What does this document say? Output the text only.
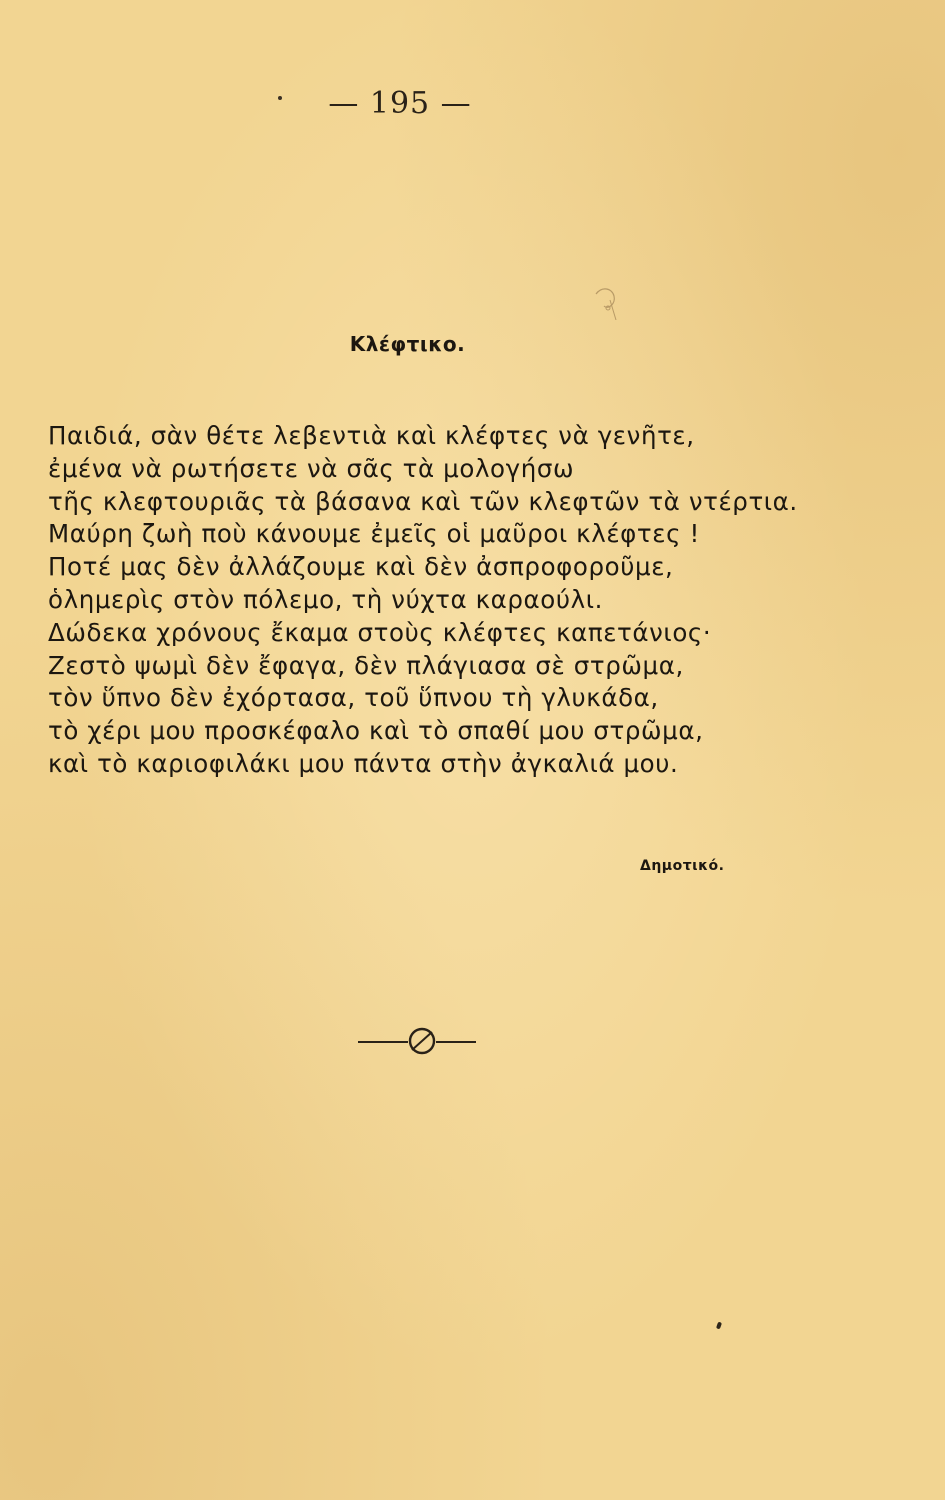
— 195 —
Κλέφτικο.
Παιδιά, σὰν θέτε λεβεντιὰ καὶ κλέφτες νὰ γενῆτε,
ἐμένα νὰ ρωτήσετε νὰ σᾶς τὰ μολογήσω
τῆς κλεφτουριᾶς τὰ βάσανα καὶ τῶν κλεφτῶν τὰ ντέρτια.
Μαύρη ζωὴ ποὺ κάνουμε ἐμεῖς οἱ μαῦροι κλέφτες !
Ποτέ μας δὲν ἀλλάζουμε καὶ δὲν ἀσπροφοροῦμε,
ὁλημερὶς στὸν πόλεμο, τὴ νύχτα καραούλι.
Δώδεκα χρόνους ἔκαμα στοὺς κλέφτες καπετάνιος·
Ζεστὸ ψωμὶ δὲν ἔφαγα, δὲν πλάγιασα σὲ στρῶμα,
τὸν ὕπνο δὲν ἐχόρτασα, τοῦ ὕπνου τὴ γλυκάδα,
τὸ χέρι μου προσκέφαλο καὶ τὸ σπαθί μου στρῶμα,
καὶ τὸ καριοφιλάκι μου πάντα στὴν ἀγκαλιά μου.
Δημοτικό.
